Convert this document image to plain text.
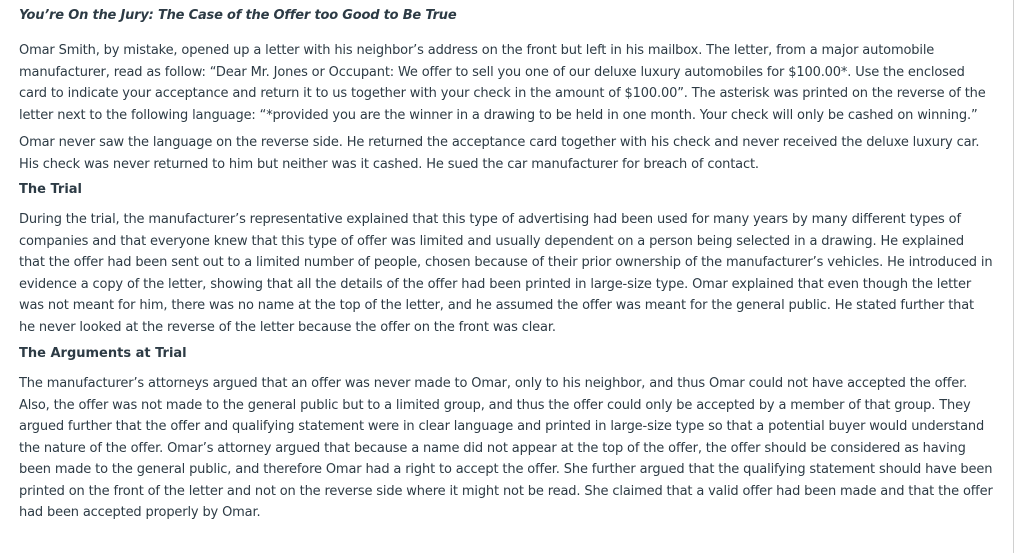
You’re On the Jury: The Case of the Offer too Good to Be True

Omar Smith, by mistake, opened up a letter with his neighbor’s address on the front but left in his mailbox. The letter, from a major automobile manufacturer, read as follow: “Dear Mr. Jones or Occupant: We offer to sell you one of our deluxe luxury automobiles for $100.00*. Use the enclosed card to indicate your acceptance and return it to us together with your check in the amount of $100.00”. The asterisk was printed on the reverse of the letter next to the following language: “*provided you are the winner in a drawing to be held in one month. Your check will only be cashed on winning.”

Omar never saw the language on the reverse side. He returned the acceptance card together with his check and never received the deluxe luxury car. His check was never returned to him but neither was it cashed. He sued the car manufacturer for breach of contact.

The Trial

During the trial, the manufacturer’s representative explained that this type of advertising had been used for many years by many different types of companies and that everyone knew that this type of offer was limited and usually dependent on a person being selected in a drawing. He explained that the offer had been sent out to a limited number of people, chosen because of their prior ownership of the manufacturer’s vehicles. He introduced in evidence a copy of the letter, showing that all the details of the offer had been printed in large-size type. Omar explained that even though the letter was not meant for him, there was no name at the top of the letter, and he assumed the offer was meant for the general public. He stated further that he never looked at the reverse of the letter because the offer on the front was clear.

The Arguments at Trial

The manufacturer’s attorneys argued that an offer was never made to Omar, only to his neighbor, and thus Omar could not have accepted the offer. Also, the offer was not made to the general public but to a limited group, and thus the offer could only be accepted by a member of that group. They argued further that the offer and qualifying statement were in clear language and printed in large-size type so that a potential buyer would understand the nature of the offer. Omar’s attorney argued that because a name did not appear at the top of the offer, the offer should be considered as having been made to the general public, and therefore Omar had a right to accept the offer. She further argued that the qualifying statement should have been printed on the front of the letter and not on the reverse side where it might not be read. She claimed that a valid offer had been made and that the offer had been accepted properly by Omar.
